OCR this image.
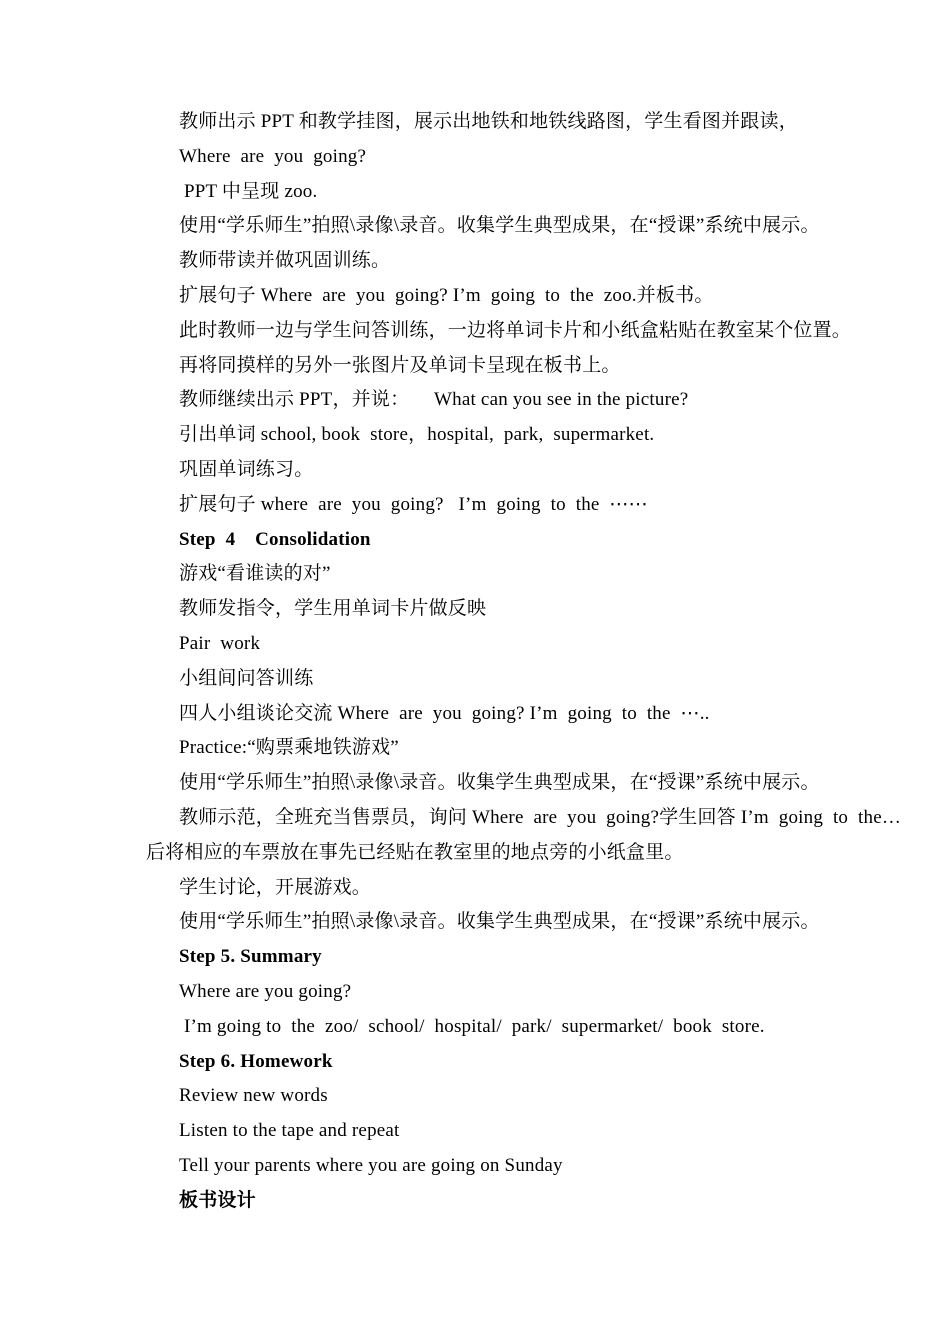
教师出示 PPT 和教学挂图，展示出地铁和地铁线路图，学生看图并跟读，
Where  are  you  going?
PPT 中呈现 zoo.
使用“学乐师生”拍照\录像\录音。收集学生典型成果，在“授课”系统中展示。
教师带读并做巩固训练。
扩展句子 Where  are  you  going? I’m  going  to  the  zoo.并板书。
此时教师一边与学生问答训练，一边将单词卡片和小纸盒粘贴在教室某个位置。
再将同摸样的另外一张图片及单词卡呈现在板书上。
教师继续出示 PPT，并说：     What can you see in the picture?
引出单词 school, book  store，hospital,  park,  supermarket.
巩固单词练习。
扩展句子 where  are  you  going?   I’m  going  to  the  ⋯⋯
Step  4    Consolidation
游戏“看谁读的对”
教师发指令，学生用单词卡片做反映
Pair  work
小组间问答训练
四人小组谈论交流 Where  are  you  going? I’m  going  to  the  ⋯..
Practice:“购票乘地铁游戏”
使用“学乐师生”拍照\录像\录音。收集学生典型成果，在“授课”系统中展示。
教师示范，全班充当售票员，询问 Where  are  you  going?学生回答 I’m  going  to  the…
后将相应的车票放在事先已经贴在教室里的地点旁的小纸盒里。
学生讨论，开展游戏。
使用“学乐师生”拍照\录像\录音。收集学生典型成果，在“授课”系统中展示。
Step 5. Summary
Where are you going?
I’m going to  the  zoo/  school/  hospital/  park/  supermarket/  book  store.
Step 6. Homework
Review new words
Listen to the tape and repeat
Tell your parents where you are going on Sunday
板书设计
